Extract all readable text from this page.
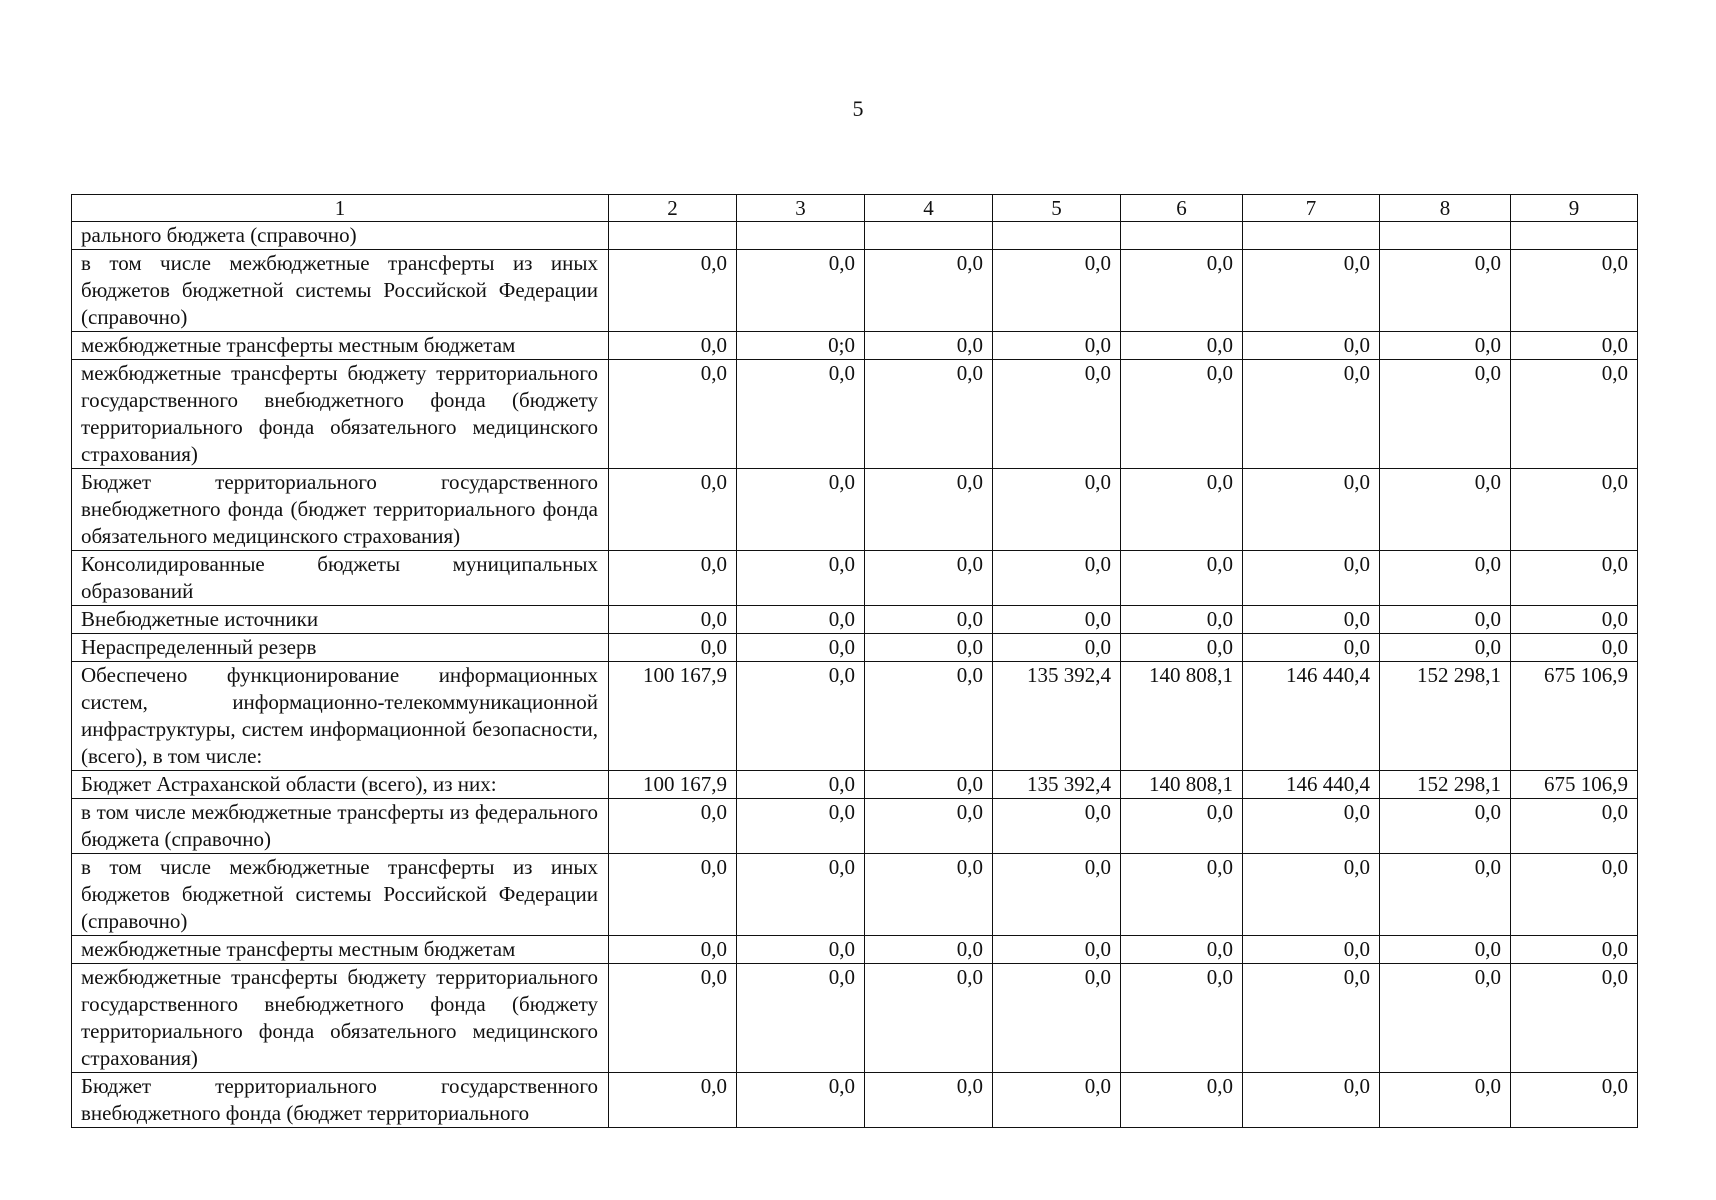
5
1	2	3	4	5	6	7	8	9
рального бюджета (справочно)								
в том числе межбюджетные трансферты из иных бюджетов бюджетной системы Российской Федерации (справочно)	0,0	0,0	0,0	0,0	0,0	0,0	0,0	0,0
межбюджетные трансферты местным бюджетам	0,0	0;0	0,0	0,0	0,0	0,0	0,0	0,0
межбюджетные трансферты бюджету территориального государственного внебюджетного фонда (бюджету территориального фонда обязательного медицинского страхования)	0,0	0,0	0,0	0,0	0,0	0,0	0,0	0,0
Бюджет территориального государственного внебюджетного фонда (бюджет территориального фонда обязательного медицинского страхования)	0,0	0,0	0,0	0,0	0,0	0,0	0,0	0,0
Консолидированные бюджеты муниципальных образований	0,0	0,0	0,0	0,0	0,0	0,0	0,0	0,0
Внебюджетные источники	0,0	0,0	0,0	0,0	0,0	0,0	0,0	0,0
Нераспределенный резерв	0,0	0,0	0,0	0,0	0,0	0,0	0,0	0,0
Обеспечено функционирование информационных систем, информационно-телекоммуникационной инфраструктуры, систем информационной безопасности, (всего), в том числе:	100 167,9	0,0	0,0	135 392,4	140 808,1	146 440,4	152 298,1	675 106,9
Бюджет Астраханской области (всего), из них:	100 167,9	0,0	0,0	135 392,4	140 808,1	146 440,4	152 298,1	675 106,9
в том числе межбюджетные трансферты из федерального бюджета (справочно)	0,0	0,0	0,0	0,0	0,0	0,0	0,0	0,0
в том числе межбюджетные трансферты из иных бюджетов бюджетной системы Российской Федерации (справочно)	0,0	0,0	0,0	0,0	0,0	0,0	0,0	0,0
межбюджетные трансферты местным бюджетам	0,0	0,0	0,0	0,0	0,0	0,0	0,0	0,0
межбюджетные трансферты бюджету территориального государственного внебюджетного фонда (бюджету территориального фонда обязательного медицинского страхования)	0,0	0,0	0,0	0,0	0,0	0,0	0,0	0,0
Бюджет территориального государственного внебюджетного фонда (бюджет территориального	0,0	0,0	0,0	0,0	0,0	0,0	0,0	0,0
